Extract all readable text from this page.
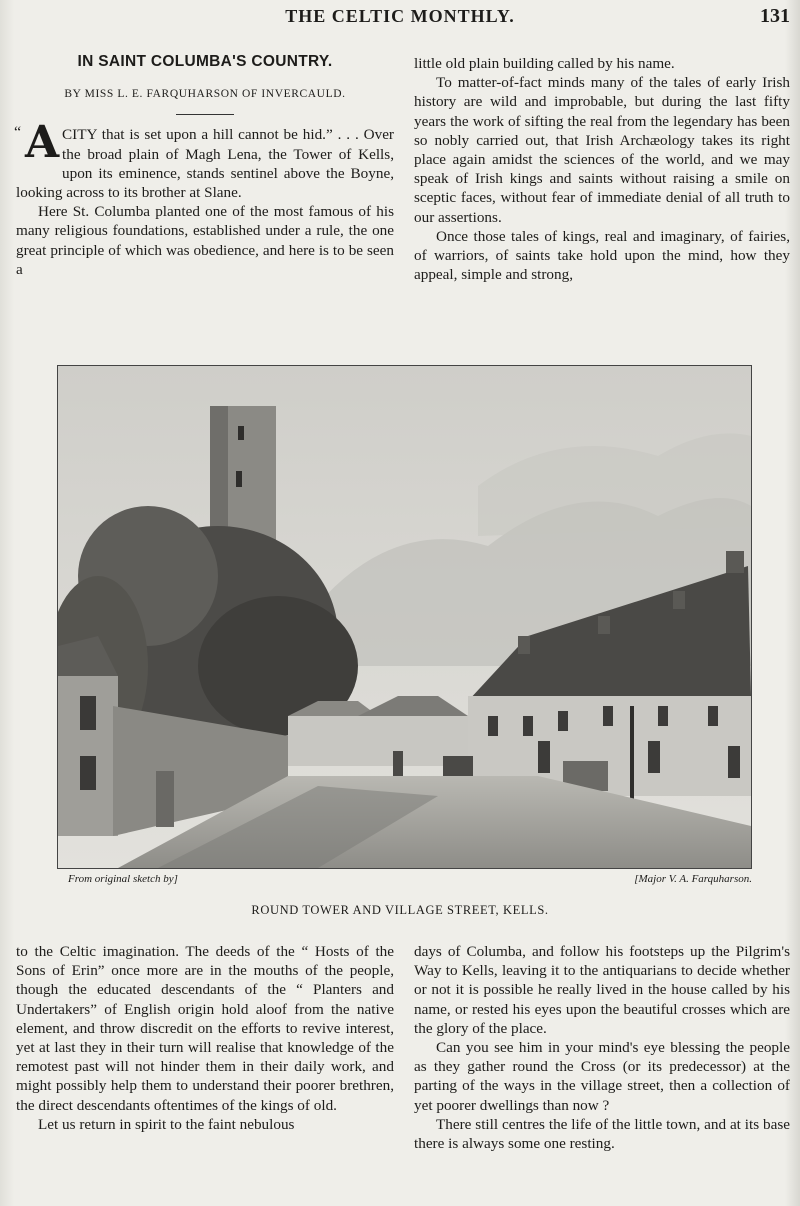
THE CELTIC MONTHLY.	131
IN SAINT COLUMBA'S COUNTRY.
BY MISS L. E. FARQUHARSON OF INVERCAULD.

“ A CITY that is set upon a hill cannot be hid.” . . . Over the broad plain of Magh Lena, the Tower of Kells, upon its eminence, stands sentinel above the Boyne, looking across to its brother at Slane.

Here St. Columba planted one of the most famous of his many religious foundations, established under a rule, the one great principle of which was obedience, and here is to be seen a

little old plain building called by his name.

To matter-of-fact minds many of the tales of early Irish history are wild and improbable, but during the last fifty years the work of sifting the real from the legendary has been so nobly carried out, that Irish Archæology takes its right place again amidst the sciences of the world, and we may speak of Irish kings and saints without raising a smile on sceptic faces, without fear of immediate denial of all truth to our assertions.

Once those tales of kings, real and imaginary, of fairies, of warriors, of saints take hold upon the mind, how they appeal, simple and strong,

From original sketch by]	[Major V. A. Farquharson.
ROUND TOWER AND VILLAGE STREET, KELLS.

to the Celtic imagination. The deeds of the “ Hosts of the Sons of Erin” once more are in the mouths of the people, though the educated descendants of the “ Planters and Undertakers” of English origin hold aloof from the native element, and throw discredit on the efforts to revive interest, yet at last they in their turn will realise that knowledge of the remotest past will not hinder them in their daily work, and might possibly help them to understand their poorer brethren, the direct descendants oftentimes of the kings of old.

Let us return in spirit to the faint nebulous

days of Columba, and follow his footsteps up the Pilgrim's Way to Kells, leaving it to the antiquarians to decide whether or not it is possible he really lived in the house called by his name, or rested his eyes upon the beautiful crosses which are the glory of the place.

Can you see him in your mind's eye blessing the people as they gather round the Cross (or its predecessor) at the parting of the ways in the village street, then a collection of yet poorer dwellings than now ?

There still centres the life of the little town, and at its base there is always some one resting.
